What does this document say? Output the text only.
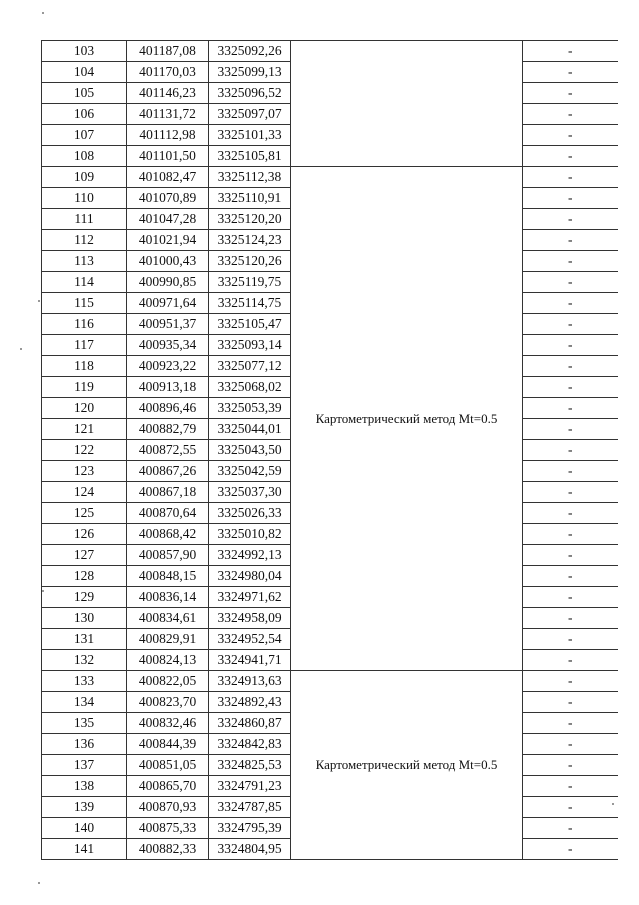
103	401187,08	3325092,26		-
104	401170,03	3325099,13		-
105	401146,23	3325096,52		-
106	401131,72	3325097,07		-
107	401112,98	3325101,33		-
108	401101,50	3325105,81		-
109	401082,47	3325112,38	Картометрический метод Mt=0.5	-
110	401070,89	3325110,91		-
111	401047,28	3325120,20		-
112	401021,94	3325124,23		-
113	401000,43	3325120,26		-
114	400990,85	3325119,75		-
115	400971,64	3325114,75		-
116	400951,37	3325105,47		-
117	400935,34	3325093,14		-
118	400923,22	3325077,12		-
119	400913,18	3325068,02		-
120	400896,46	3325053,39		-
121	400882,79	3325044,01		-
122	400872,55	3325043,50		-
123	400867,26	3325042,59		-
124	400867,18	3325037,30		-
125	400870,64	3325026,33		-
126	400868,42	3325010,82		-
127	400857,90	3324992,13		-
128	400848,15	3324980,04		-
129	400836,14	3324971,62		-
130	400834,61	3324958,09		-
131	400829,91	3324952,54		-
132	400824,13	3324941,71		-
133	400822,05	3324913,63	Картометрический метод Mt=0.5	-
134	400823,70	3324892,43		-
135	400832,46	3324860,87		-
136	400844,39	3324842,83		-
137	400851,05	3324825,53		-
138	400865,70	3324791,23		-
139	400870,93	3324787,85		-
140	400875,33	3324795,39		-
141	400882,33	3324804,95		-
